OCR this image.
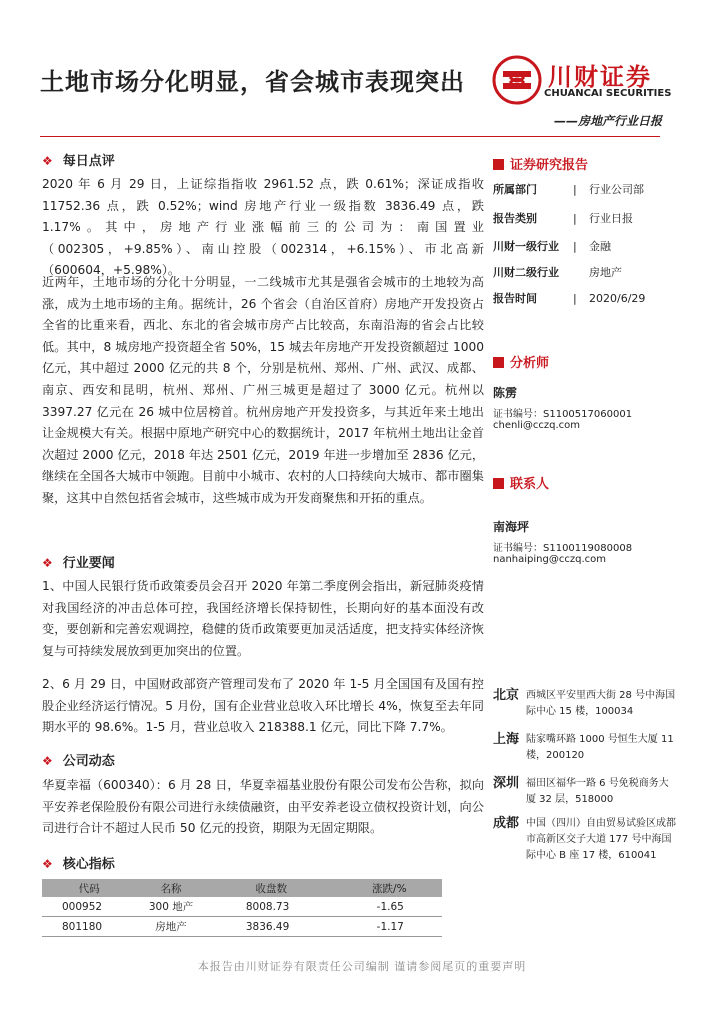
土地市场分化明显，省会城市表现突出	川财证券
CHUANCAI SECURITIES
——房地产行业日报
❖ 每日点评
2020 年 6 月 29 日，上证综指指收 2961.52 点，跌 0.61%；深证成指收 11752.36 点，跌 0.52%；wind 房地产行业一级指数 3836.49 点，跌 1.17%。其中，房地产行业涨幅前三的公司为：南国置业（002305，+9.85%）、南山控股（002314，+6.15%）、市北高新（600604，+5.98%）。
近两年，土地市场的分化十分明显，一二线城市尤其是强省会城市的土地较为高涨，成为土地市场的主角。据统计，26 个省会（自治区首府）房地产开发投资占全省的比重来看，西北、东北的省会城市房产占比较高，东南沿海的省会占比较低。其中，8 城房地产投资超全省 50%，15 城去年房地产开发投资额超过 1000 亿元，其中超过 2000 亿元的共 8 个，分别是杭州、郑州、广州、武汉、成都、南京、西安和昆明，杭州、郑州、广州三城更是超过了 3000 亿元。杭州以 3397.27 亿元在 26 城中位居榜首。杭州房地产开发投资多，与其近年来土地出让金规模大有关。根据中原地产研究中心的数据统计，2017 年杭州土地出让金首次超过 2000 亿元，2018 年达 2501 亿元，2019 年进一步增加至 2836 亿元，继续在全国各大城市中领跑。目前中小城市、农村的人口持续向大城市、都市圈集聚，这其中自然包括省会城市，这些城市成为开发商聚焦和开拓的重点。
❖ 行业要闻
1、中国人民银行货币政策委员会召开 2020 年第二季度例会指出，新冠肺炎疫情对我国经济的冲击总体可控，我国经济增长保持韧性，长期向好的基本面没有改变，要创新和完善宏观调控，稳健的货币政策要更加灵活适度，把支持实体经济恢复与可持续发展放到更加突出的位置。
2、6 月 29 日，中国财政部资产管理司发布了 2020 年 1-5 月全国国有及国有控股企业经济运行情况。5 月份，国有企业营业总收入环比增长 4%，恢复至去年同期水平的 98.6%。1-5 月，营业总收入 218388.1 亿元，同比下降 7.7%。
❖ 公司动态
华夏幸福（600340）：6 月 28 日，华夏幸福基业股份有限公司发布公告称，拟向平安养老保险股份有限公司进行永续债融资，由平安养老设立债权投资计划，向公司进行合计不超过人民币 50 亿元的投资，期限为无固定期限。
❖ 核心指标
代码	名称	收盘数	涨跌/%
000952	300 地产	8008.73	-1.65
801180	房地产	3836.49	-1.17
证券研究报告
所属部门	| 行业公司部
报告类别	| 行业日报
川财一级行业 | 金融
川财二级行业	房地产
报告时间	| 2020/6/29
分析师
陈雳
证书编号：S1100517060001
chenli@cczq.com
联系人
南海坪
证书编号：S1100119080008
nanhaiping@cczq.com
北京 西城区平安里西大街 28 号中海国际中心 15 楼，100034
上海 陆家嘴环路 1000 号恒生大厦 11 楼，200120
深圳 福田区福华一路 6 号免税商务大厦 32 层，518000
成都 中国（四川）自由贸易试验区成都市高新区交子大道 177 号中海国际中心 B 座 17 楼，610041
本报告由川财证券有限责任公司编制 谨请参阅尾页的重要声明
